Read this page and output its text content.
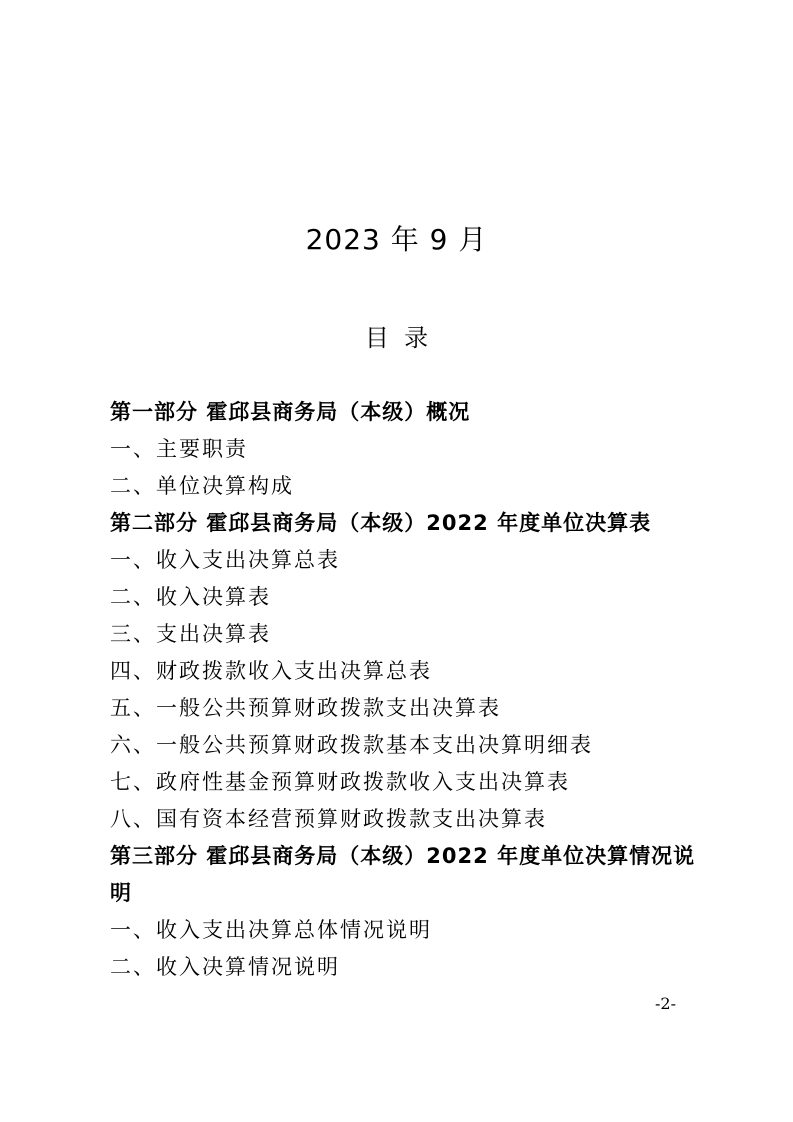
2023 年 9 月
目  录
第一部分 霍邱县商务局（本级）概况
一、主要职责
二、单位决算构成
第二部分 霍邱县商务局（本级）2022 年度单位决算表
一、收入支出决算总表
二、收入决算表
三、支出决算表
四、财政拨款收入支出决算总表
五、一般公共预算财政拨款支出决算表
六、一般公共预算财政拨款基本支出决算明细表
七、政府性基金预算财政拨款收入支出决算表
八、国有资本经营预算财政拨款支出决算表
第三部分 霍邱县商务局（本级）2022 年度单位决算情况说明
一、收入支出决算总体情况说明
二、收入决算情况说明
-2-
